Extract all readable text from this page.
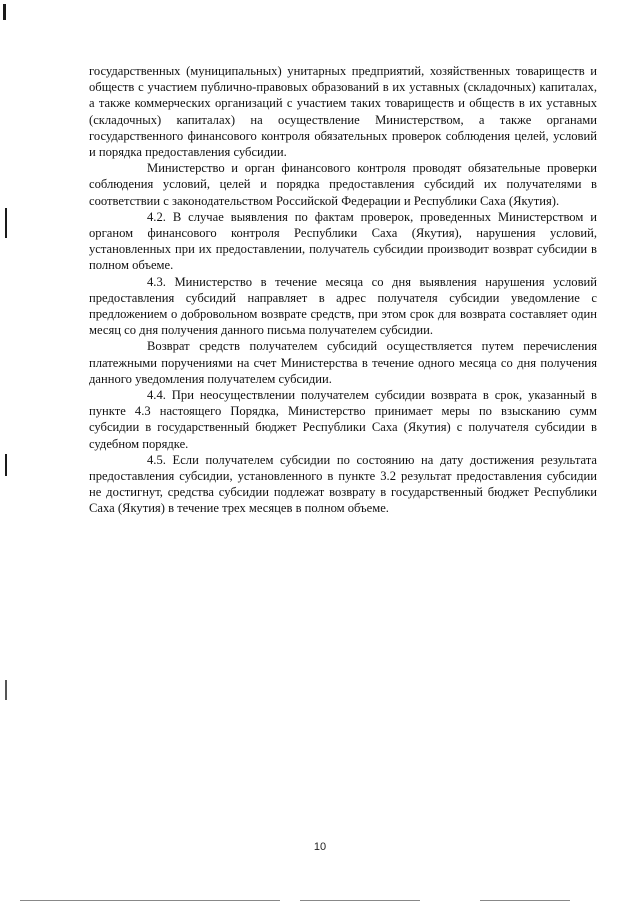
государственных (муниципальных) унитарных предприятий, хозяйственных товариществ и обществ с участием публично-правовых образований в их уставных (складочных) капиталах, а также коммерческих организаций с участием таких товариществ и обществ в их уставных (складочных) капиталах) на осуществление Министерством, а также органами государственного финансового контроля обязательных проверок соблюдения целей, условий и порядка предоставления субсидии.

Министерство и орган финансового контроля проводят обязательные проверки соблюдения условий, целей и порядка предоставления субсидий их получателями в соответствии с законодательством Российской Федерации и Республики Саха (Якутия).

4.2. В случае выявления по фактам проверок, проведенных Министерством и органом финансового контроля Республики Саха (Якутия), нарушения условий, установленных при их предоставлении, получатель субсидии производит возврат субсидии в полном объеме.

4.3. Министерство в течение месяца со дня выявления нарушения условий предоставления субсидий направляет в адрес получателя субсидии уведомление с предложением о добровольном возврате средств, при этом срок для возврата составляет один месяц со дня получения данного письма получателем субсидии.

Возврат средств получателем субсидий осуществляется путем перечисления платежными поручениями на счет Министерства в течение одного месяца со дня получения данного уведомления получателем субсидии.

4.4. При неосуществлении получателем субсидии возврата в срок, указанный в пункте 4.3 настоящего Порядка, Министерство принимает меры по взысканию сумм субсидии в государственный бюджет Республики Саха (Якутия) с получателя субсидии в судебном порядке.

4.5. Если получателем субсидии по состоянию на дату достижения результата предоставления субсидии, установленного в пункте 3.2 результат предоставления субсидии не достигнут, средства субсидии подлежат возврату в государственный бюджет Республики Саха (Якутия) в течение трех месяцев в полном объеме.

10
